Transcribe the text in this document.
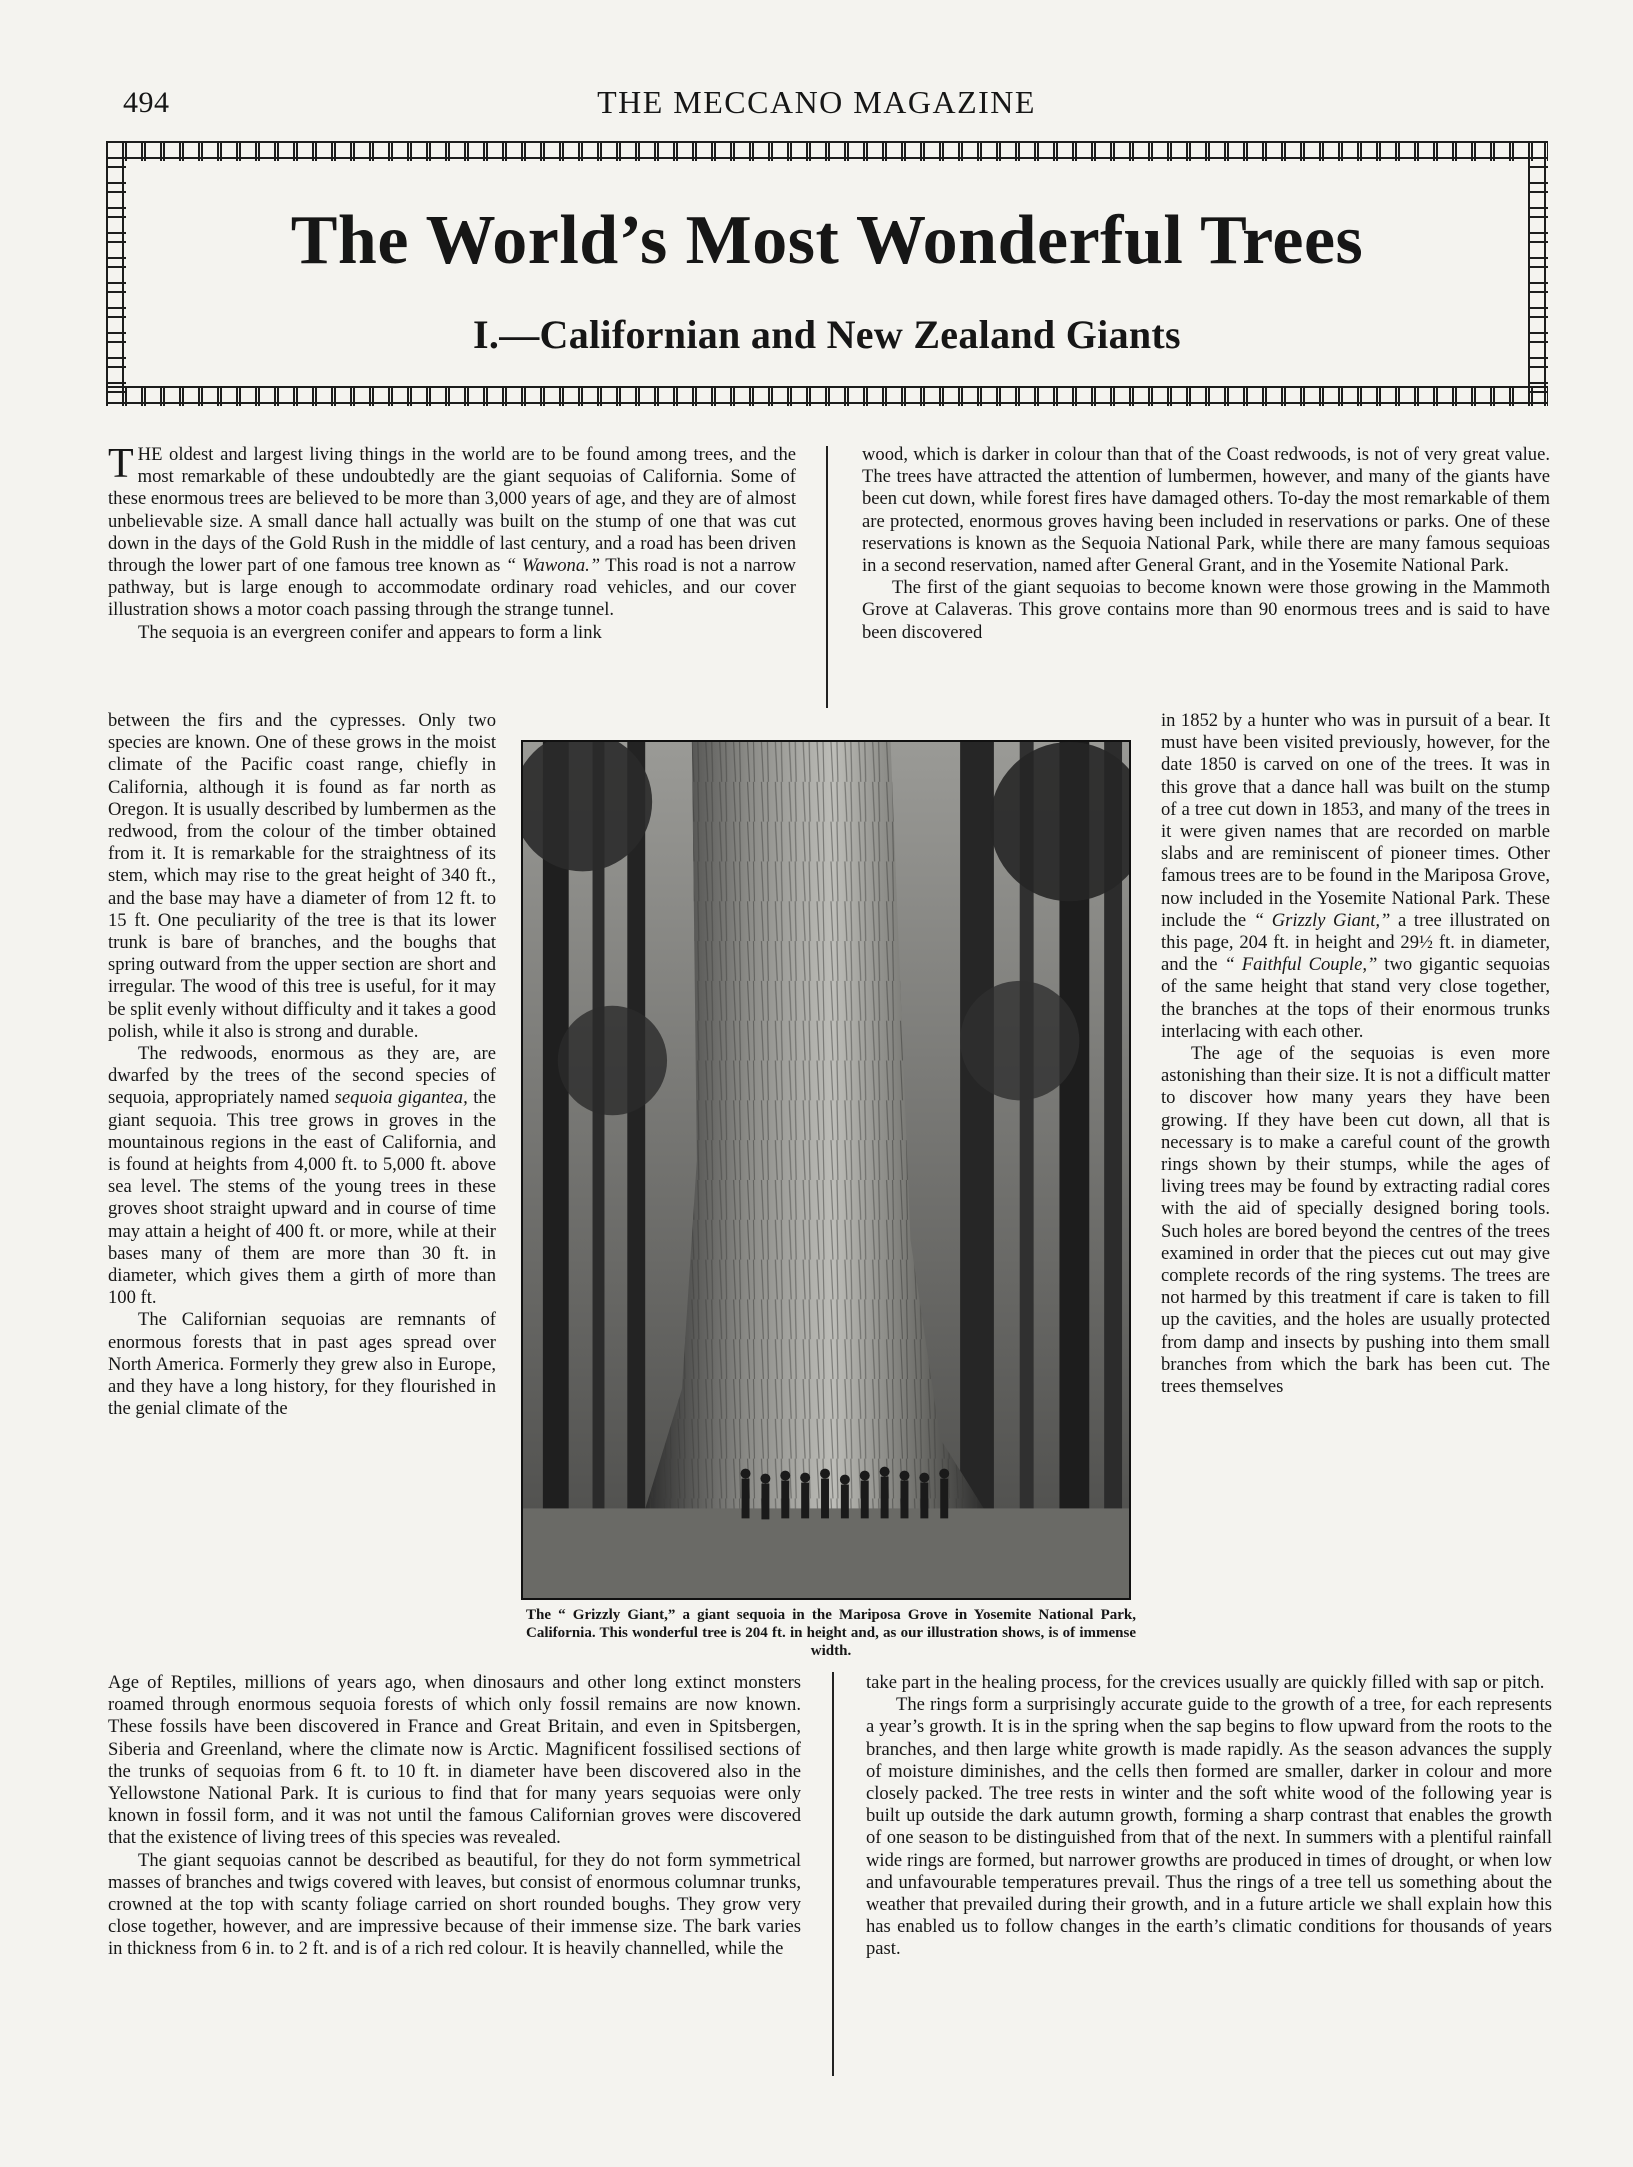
494	THE MECCANO MAGAZINE
The World’s Most Wonderful Trees
I.—Californian and New Zealand Giants

THE oldest and largest living things in the world are to be found among trees, and the most remarkable of these undoubtedly are the giant sequoias of California. Some of these enormous trees are believed to be more than 3,000 years of age, and they are of almost unbelievable size. A small dance hall actually was built on the stump of one that was cut down in the days of the Gold Rush in the middle of last century, and a road has been driven through the lower part of one famous tree known as “ Wawona.” This road is not a narrow pathway, but is large enough to accommodate ordinary road vehicles, and our cover illustration shows a motor coach passing through the strange tunnel.

The sequoia is an evergreen conifer and appears to form a link

between the firs and the cypresses. Only two species are known. One of these grows in the moist climate of the Pacific coast range, chiefly in California, although it is found as far north as Oregon. It is usually described by lumbermen as the redwood, from the colour of the timber obtained from it. It is remarkable for the straightness of its stem, which may rise to the great height of 340 ft., and the base may have a diameter of from 12 ft. to 15 ft. One peculiarity of the tree is that its lower trunk is bare of branches, and the boughs that spring outward from the upper section are short and irregular. The wood of this tree is useful, for it may be split evenly without difficulty and it takes a good polish, while it also is strong and durable.

The redwoods, enormous as they are, are dwarfed by the trees of the second species of sequoia, appropriately named sequoia gigantea, the giant sequoia. This tree grows in groves in the mountainous regions in the east of California, and is found at heights from 4,000 ft. to 5,000 ft. above sea level. The stems of the young trees in these groves shoot straight upward and in course of time may attain a height of 400 ft. or more, while at their bases many of them are more than 30 ft. in diameter, which gives them a girth of more than 100 ft.

The Californian sequoias are remnants of enormous forests that in past ages spread over North America. Formerly they grew also in Europe, and they have a long history, for they flourished in the genial climate of the

Age of Reptiles, millions of years ago, when dinosaurs and other long extinct monsters roamed through enormous sequoia forests of which only fossil remains are now known. These fossils have been discovered in France and Great Britain, and even in Spitsbergen, Siberia and Greenland, where the climate now is Arctic. Magnificent fossilised sections of the trunks of sequoias from 6 ft. to 10 ft. in diameter have been discovered also in the Yellowstone National Park. It is curious to find that for many years sequoias were only known in fossil form, and it was not until the famous Californian groves were discovered that the existence of living trees of this species was revealed.

The giant sequoias cannot be described as beautiful, for they do not form symmetrical masses of branches and twigs covered with leaves, but consist of enormous columnar trunks, crowned at the top with scanty foliage carried on short rounded boughs. They grow very close together, however, and are impressive because of their immense size. The bark varies in thickness from 6 in. to 2 ft. and is of a rich red colour. It is heavily channelled, while the

wood, which is darker in colour than that of the Coast redwoods, is not of very great value. The trees have attracted the attention of lumbermen, however, and many of the giants have been cut down, while forest fires have damaged others. To-day the most remarkable of them are protected, enormous groves having been included in reservations or parks. One of these reservations is known as the Sequoia National Park, while there are many famous sequioas in a second reservation, named after General Grant, and in the Yosemite National Park.

The first of the giant sequoias to become known were those growing in the Mammoth Grove at Calaveras. This grove contains more than 90 enormous trees and is said to have been discovered

in 1852 by a hunter who was in pursuit of a bear. It must have been visited previously, however, for the date 1850 is carved on one of the trees. It was in this grove that a dance hall was built on the stump of a tree cut down in 1853, and many of the trees in it were given names that are recorded on marble slabs and are reminiscent of pioneer times. Other famous trees are to be found in the Mariposa Grove, now included in the Yosemite National Park. These include the “ Grizzly Giant,” a tree illustrated on this page, 204 ft. in height and 29½ ft. in diameter, and the “ Faithful Couple,” two gigantic sequoias of the same height that stand very close together, the branches at the tops of their enormous trunks interlacing with each other.

The age of the sequoias is even more astonishing than their size. It is not a difficult matter to discover how many years they have been growing. If they have been cut down, all that is necessary is to make a careful count of the growth rings shown by their stumps, while the ages of living trees may be found by extracting radial cores with the aid of specially designed boring tools. Such holes are bored beyond the centres of the trees examined in order that the pieces cut out may give complete records of the ring systems. The trees are not harmed by this treatment if care is taken to fill up the cavities, and the holes are usually protected from damp and insects by pushing into them small branches from which the bark has been cut. The trees themselves

take part in the healing process, for the crevices usually are quickly filled with sap or pitch.

The rings form a surprisingly accurate guide to the growth of a tree, for each represents a year’s growth. It is in the spring when the sap begins to flow upward from the roots to the branches, and then large white growth is made rapidly. As the season advances the supply of moisture diminishes, and the cells then formed are smaller, darker in colour and more closely packed. The tree rests in winter and the soft white wood of the following year is built up outside the dark autumn growth, forming a sharp contrast that enables the growth of one season to be distinguished from that of the next. In summers with a plentiful rainfall wide rings are formed, but narrower growths are produced in times of drought, or when low and unfavourable temperatures prevail. Thus the rings of a tree tell us something about the weather that prevailed during their growth, and in a future article we shall explain how this has enabled us to follow changes in the earth’s climatic conditions for thousands of years past.

The “ Grizzly Giant,” a giant sequoia in the Mariposa Grove in Yosemite National Park, California. This wonderful tree is 204 ft. in height and, as our illustration shows, is of immense width.
